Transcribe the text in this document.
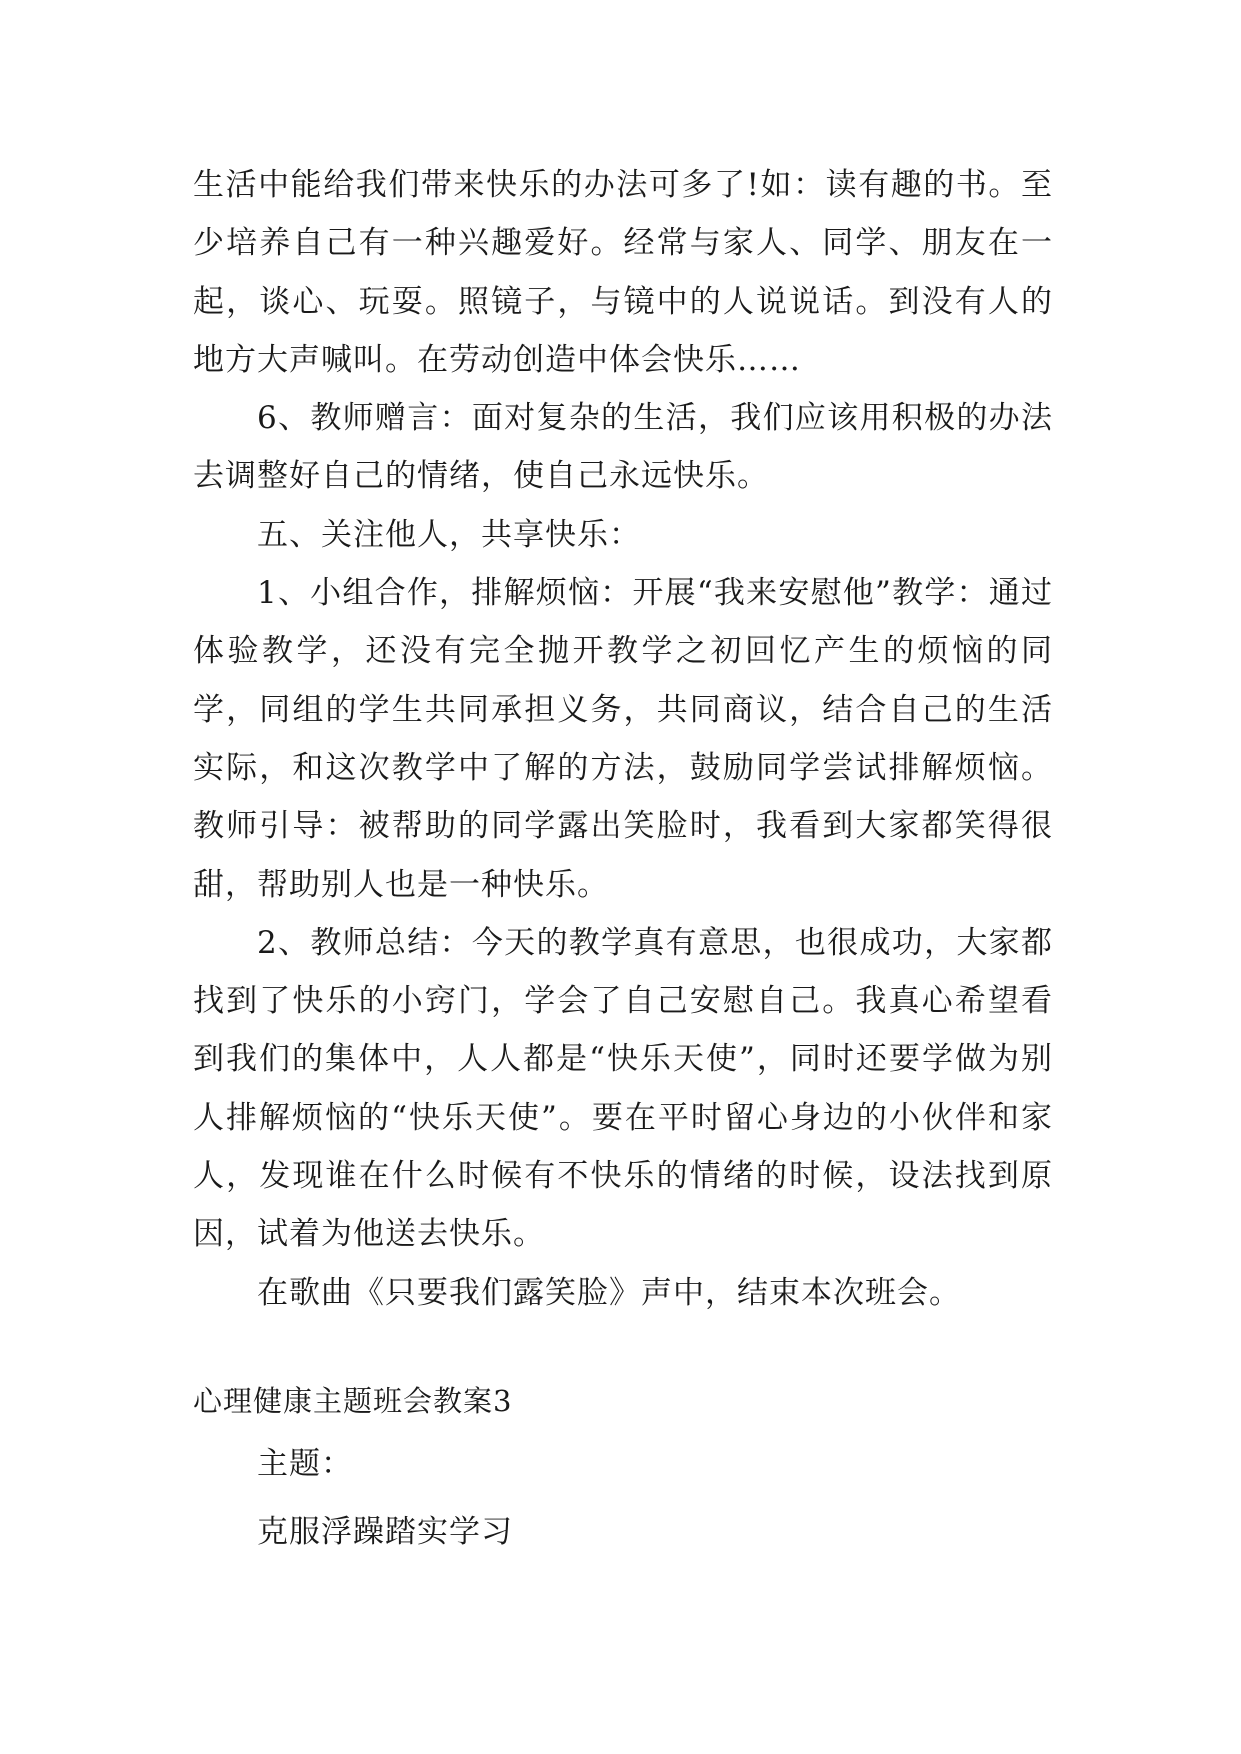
生活中能给我们带来快乐的办法可多了!如：读有趣的书。至少培养自己有一种兴趣爱好。经常与家人、同学、朋友在一起，谈心、玩耍。照镜子，与镜中的人说说话。到没有人的地方大声喊叫。在劳动创造中体会快乐……

6、教师赠言：面对复杂的生活，我们应该用积极的办法去调整好自己的情绪，使自己永远快乐。

五、关注他人，共享快乐：

1、小组合作，排解烦恼：开展“我来安慰他”教学：通过体验教学，还没有完全抛开教学之初回忆产生的烦恼的同学，同组的学生共同承担义务，共同商议，结合自己的生活实际，和这次教学中了解的方法，鼓励同学尝试排解烦恼。教师引导：被帮助的同学露出笑脸时，我看到大家都笑得很甜，帮助别人也是一种快乐。

2、教师总结：今天的教学真有意思，也很成功，大家都找到了快乐的小窍门，学会了自己安慰自己。我真心希望看到我们的集体中，人人都是“快乐天使”，同时还要学做为别人排解烦恼的“快乐天使”。要在平时留心身边的小伙伴和家人，发现谁在什么时候有不快乐的情绪的时候，设法找到原因，试着为他送去快乐。

在歌曲《只要我们露笑脸》声中，结束本次班会。

心理健康主题班会教案3

主题：

克服浮躁踏实学习
